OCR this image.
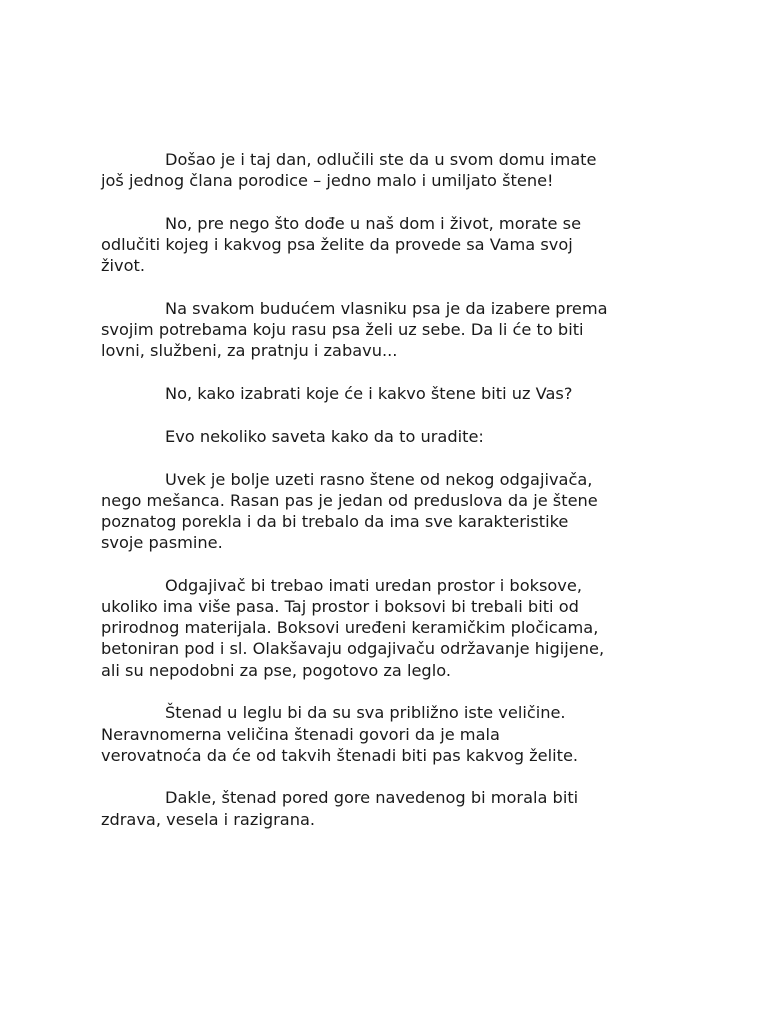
Došao je i taj dan, odlučili ste da u svom domu imate
još jednog člana porodice – jedno malo i umiljato štene!

No, pre nego što dođe u naš dom i život, morate se
odlučiti kojeg i kakvog psa želite da provede sa Vama svoj
život.

Na svakom budućem vlasniku psa je da izabere prema
svojim potrebama koju rasu psa želi uz sebe. Da li će to biti
lovni, službeni, za pratnju i zabavu...

No, kako izabrati koje će i kakvo štene biti uz Vas?

Evo nekoliko saveta kako da to uradite:

Uvek je bolje uzeti rasno štene od nekog odgajivača,
nego mešanca. Rasan pas je jedan od preduslova da je štene
poznatog porekla i da bi trebalo da ima sve karakteristike
svoje pasmine.

Odgajivač bi trebao imati uredan prostor i boksove,
ukoliko ima više pasa. Taj prostor i boksovi bi trebali biti od
prirodnog materijala. Boksovi uređeni keramičkim pločicama,
betoniran pod i sl. Olakšavaju odgajivaču održavanje higijene,
ali su nepodobni za pse, pogotovo za leglo.

Štenad u leglu bi da su sva približno iste veličine.
Neravnomerna veličina štenadi govori da je mala
verovatnoća da će od takvih štenadi biti pas kakvog želite.

Dakle, štenad pored gore navedenog bi morala biti
zdrava, vesela i razigrana.
